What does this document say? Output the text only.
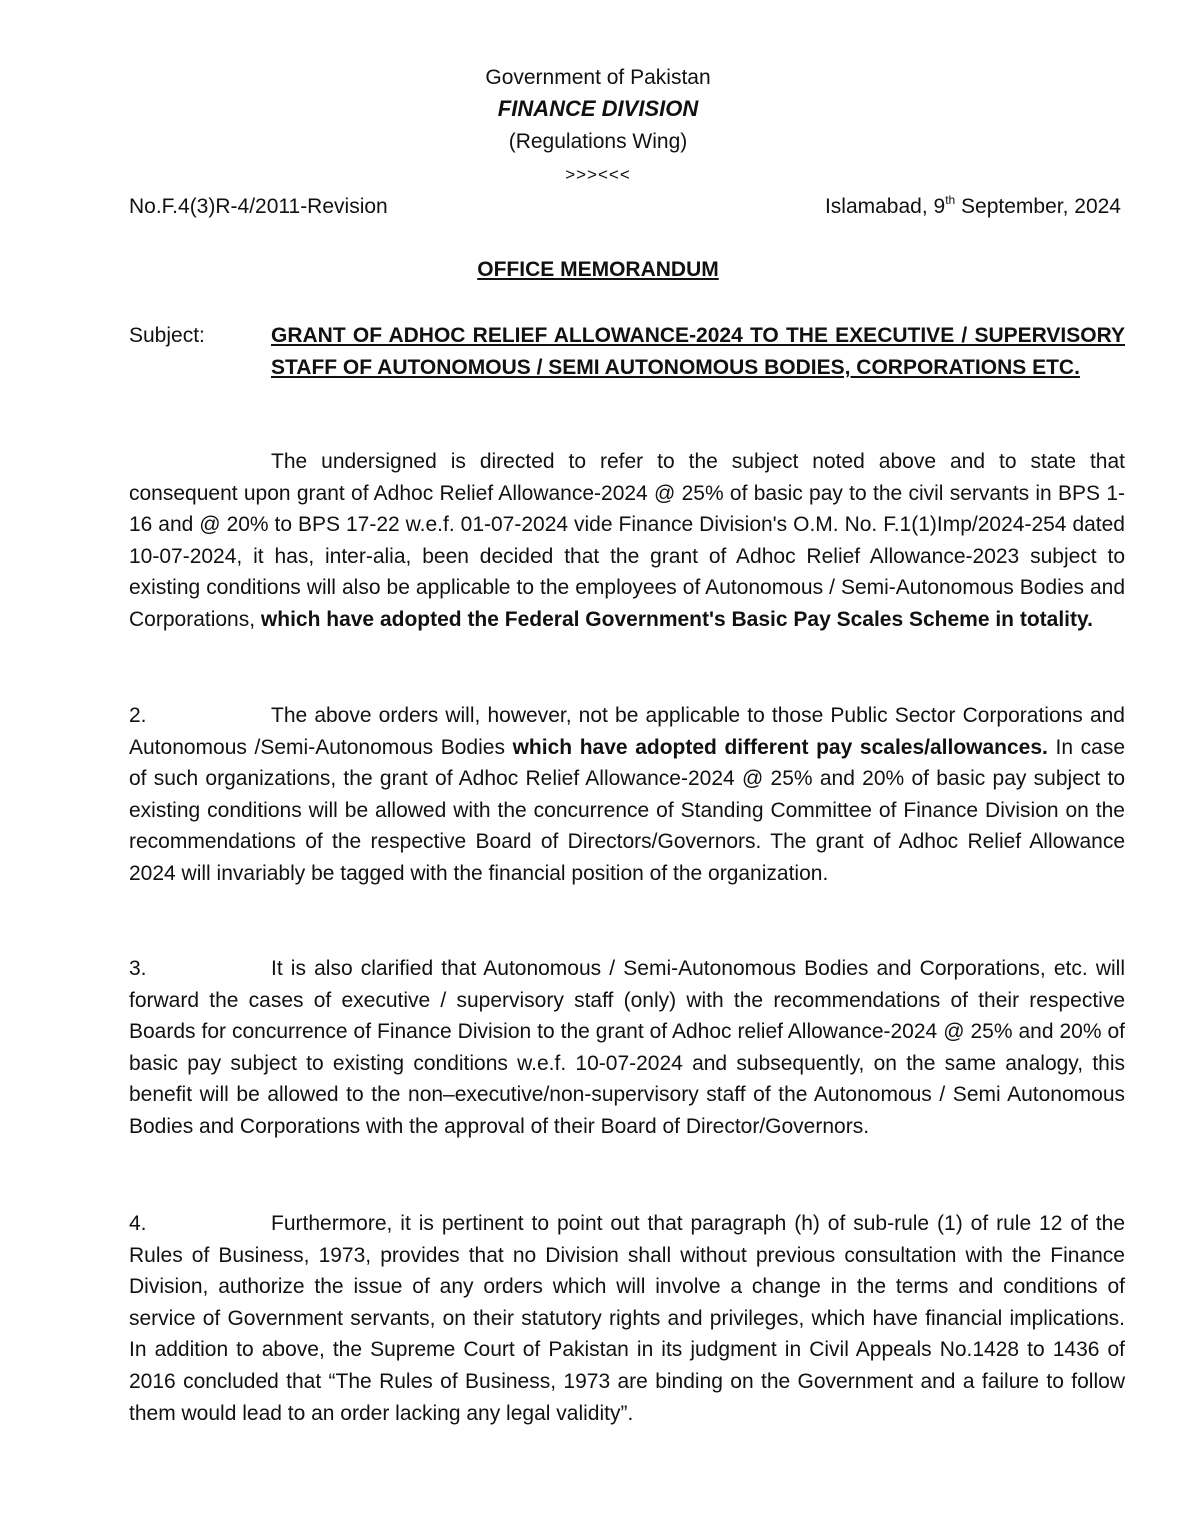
Government of Pakistan
FINANCE DIVISION
(Regulations Wing)
>>><<<
No.F.4(3)R-4/2011-Revision	Islamabad, 9th September, 2024
OFFICE MEMORANDUM
Subject:	GRANT OF ADHOC RELIEF ALLOWANCE-2024 TO THE EXECUTIVE / SUPERVISORY STAFF OF AUTONOMOUS / SEMI AUTONOMOUS BODIES, CORPORATIONS ETC.
The undersigned is directed to refer to the subject noted above and to state that consequent upon grant of Adhoc Relief Allowance-2024 @ 25% of basic pay to the civil servants in BPS 1-16 and @ 20% to BPS 17-22 w.e.f. 01-07-2024 vide Finance Division's O.M. No. F.1(1)Imp/2024-254 dated 10-07-2024, it has, inter-alia, been decided that the grant of Adhoc Relief Allowance-2023 subject to existing conditions will also be applicable to the employees of Autonomous / Semi-Autonomous Bodies and Corporations, which have adopted the Federal Government's Basic Pay Scales Scheme in totality.
2.	The above orders will, however, not be applicable to those Public Sector Corporations and Autonomous /Semi-Autonomous Bodies which have adopted different pay scales/allowances. In case of such organizations, the grant of Adhoc Relief Allowance-2024 @ 25% and 20% of basic pay subject to existing conditions will be allowed with the concurrence of Standing Committee of Finance Division on the recommendations of the respective Board of Directors/Governors. The grant of Adhoc Relief Allowance 2024 will invariably be tagged with the financial position of the organization.
3.	It is also clarified that Autonomous / Semi-Autonomous Bodies and Corporations, etc. will forward the cases of executive / supervisory staff (only) with the recommendations of their respective Boards for concurrence of Finance Division to the grant of Adhoc relief Allowance-2024 @ 25% and 20% of basic pay subject to existing conditions w.e.f. 10-07-2024 and subsequently, on the same analogy, this benefit will be allowed to the non–executive/non-supervisory staff of the Autonomous / Semi Autonomous Bodies and Corporations with the approval of their Board of Director/Governors.
4.	Furthermore, it is pertinent to point out that paragraph (h) of sub-rule (1) of rule 12 of the Rules of Business, 1973, provides that no Division shall without previous consultation with the Finance Division, authorize the issue of any orders which will involve a change in the terms and conditions of service of Government servants, on their statutory rights and privileges, which have financial implications. In addition to above, the Supreme Court of Pakistan in its judgment in Civil Appeals No.1428 to 1436 of 2016 concluded that “The Rules of Business, 1973 are binding on the Government and a failure to follow them would lead to an order lacking any legal validity”.
